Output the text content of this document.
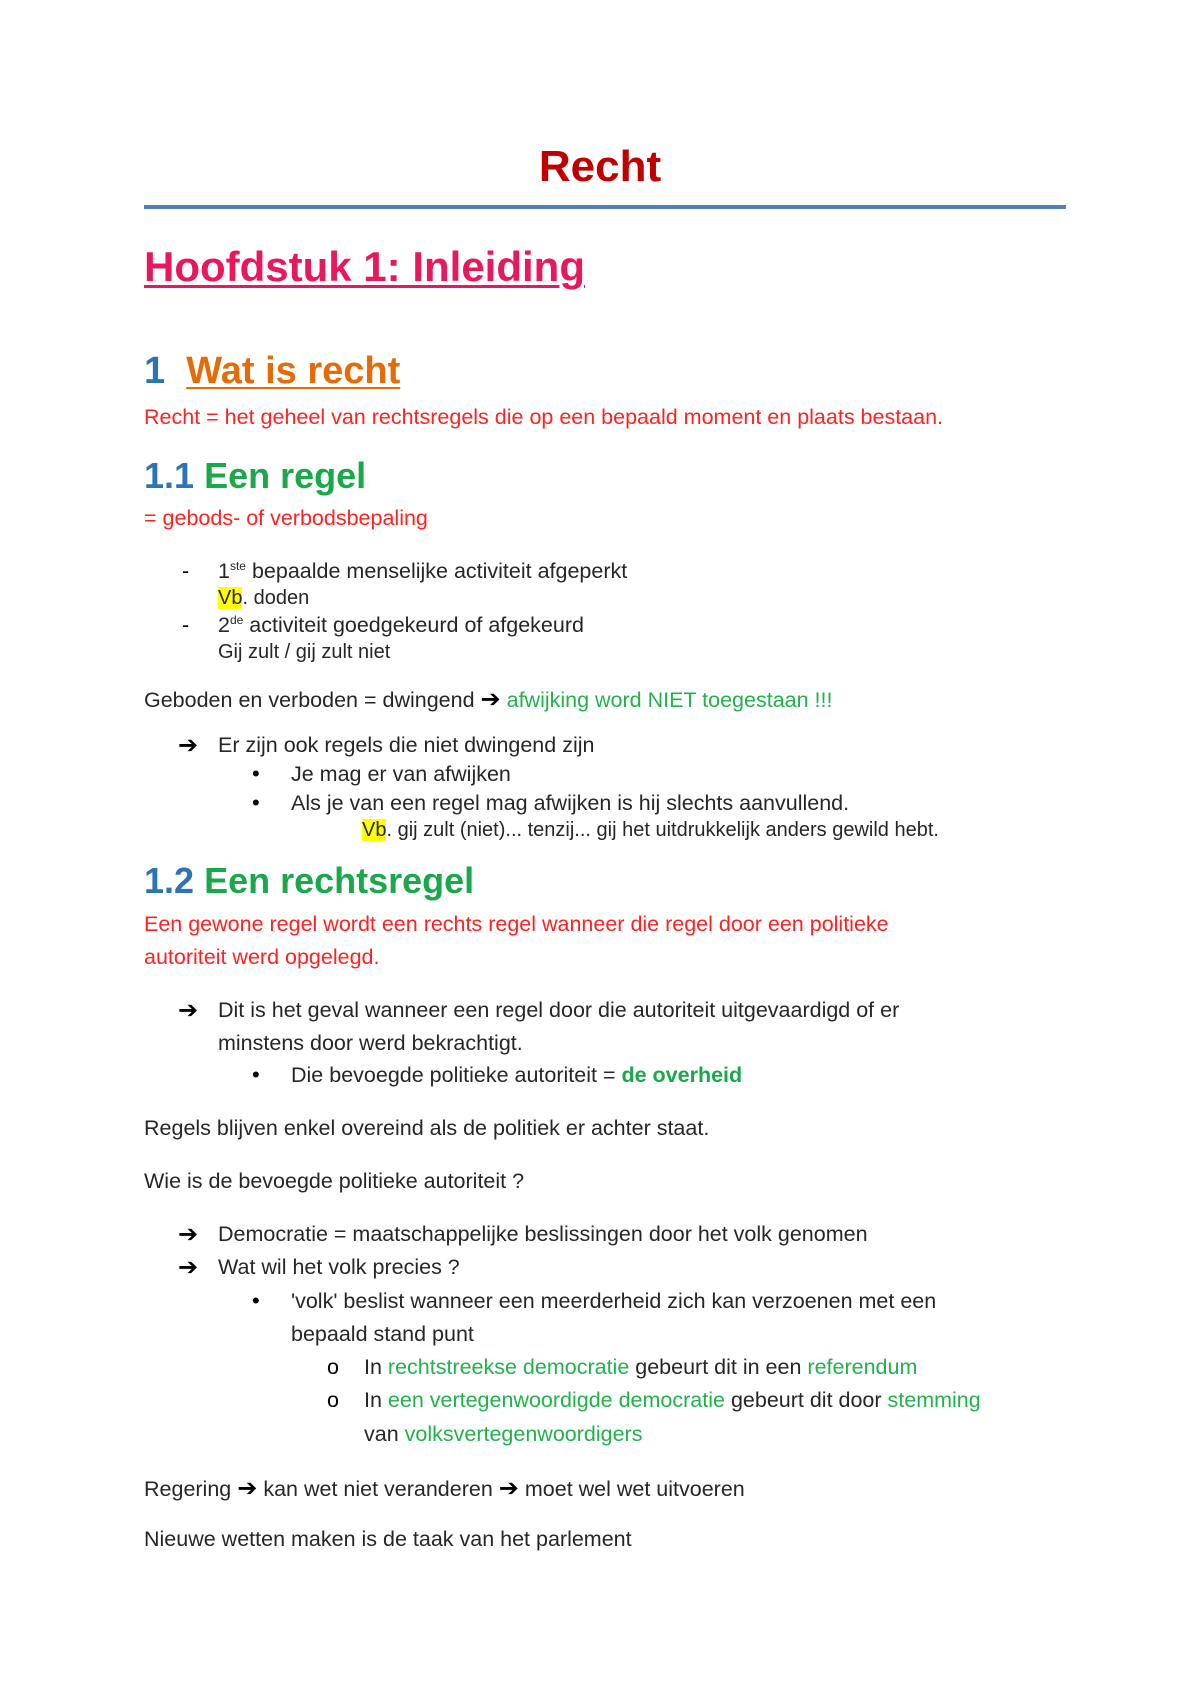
Recht
Hoofdstuk 1: Inleiding
1 Wat is recht
Recht = het geheel van rechtsregels die op een bepaald moment en plaats bestaan.
1.1 Een regel
= gebods- of verbodsbepaling
- 1ste bepaalde menselijke activiteit afgeperkt
Vb. doden
- 2de activiteit goedgekeurd of afgekeurd
Gij zult / gij zult niet
Geboden en verboden = dwingend ➔ afwijking word NIET toegestaan !!!
➔ Er zijn ook regels die niet dwingend zijn
• Je mag er van afwijken
• Als je van een regel mag afwijken is hij slechts aanvullend.
Vb. gij zult (niet)... tenzij... gij het uitdrukkelijk anders gewild hebt.
1.2 Een rechtsregel
Een gewone regel wordt een rechts regel wanneer die regel door een politieke
autoriteit werd opgelegd.
➔ Dit is het geval wanneer een regel door die autoriteit uitgevaardigd of er
minstens door werd bekrachtigt.
• Die bevoegde politieke autoriteit = de overheid
Regels blijven enkel overeind als de politiek er achter staat.
Wie is de bevoegde politieke autoriteit ?
➔ Democratie = maatschappelijke beslissingen door het volk genomen
➔ Wat wil het volk precies ?
• 'volk' beslist wanneer een meerderheid zich kan verzoenen met een
bepaald stand punt
o In rechtstreekse democratie gebeurt dit in een referendum
o In een vertegenwoordigde democratie gebeurt dit door stemming
van volksvertegenwoordigers
Regering ➔ kan wet niet veranderen ➔ moet wel wet uitvoeren
Nieuwe wetten maken is de taak van het parlement
